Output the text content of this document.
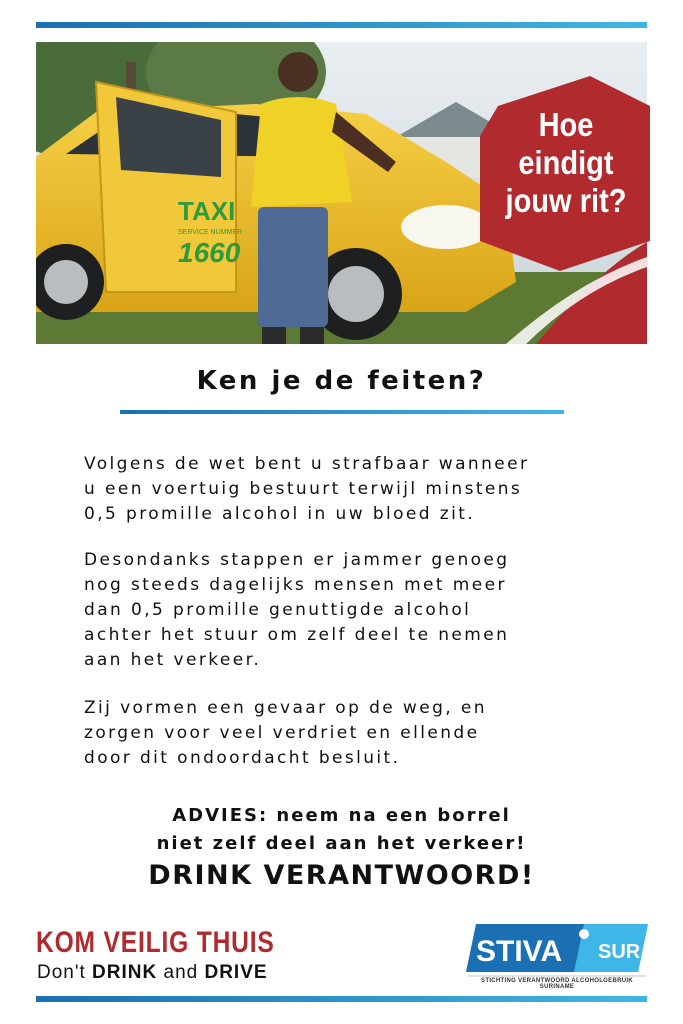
TAXI
SERVICE NUMMER
1660
Hoe
eindigt
jouw rit?
Ken je de feiten?

Volgens de wet bent u strafbaar wanneer
u een voertuig bestuurt terwijl minstens
0,5 promille alcohol in uw bloed zit.

Desondanks stappen er jammer genoeg
nog steeds dagelijks mensen met meer
dan 0,5 promille genuttigde alcohol
achter het stuur om zelf deel te nemen
aan het verkeer.

Zij vormen een gevaar op de weg, en
zorgen voor veel verdriet en ellende
door dit ondoordacht besluit.

ADVIES: neem na een borrel
niet zelf deel aan het verkeer!
DRINK VERANTWOORD!
KOM VEILIG THUIS
Don't DRINK and DRIVE
STIVA SUR
STICHTING VERANTWOORD ALCOHOLGEBRUIK SURINAME
